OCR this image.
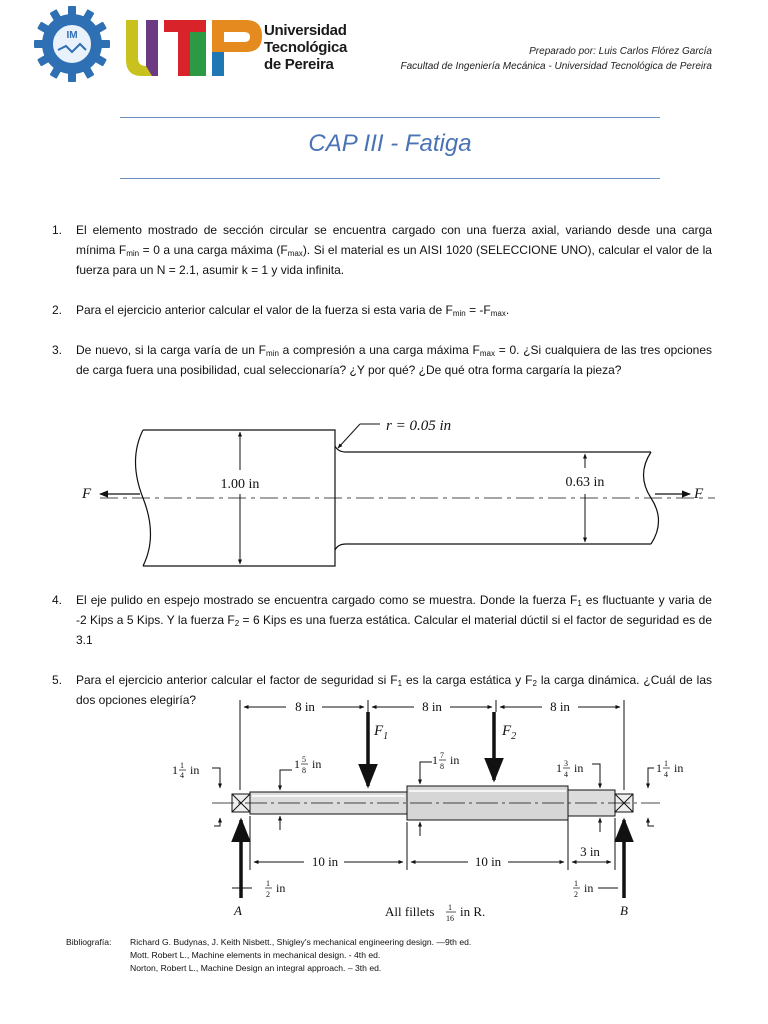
IM	Universidad
Tecnológica
de Pereira
Preparado por: Luis Carlos Flórez García
Facultad de Ingeniería Mecánica - Universidad Tecnológica de Pereira
CAP III - Fatiga
1. El elemento mostrado de sección circular se encuentra cargado con una fuerza axial, variando desde una carga mínima $F_{min} = 0$ a una carga máxima $(F_{max})$. Si el material es un AISI 1020 (SELECCIONE UNO), calcular el valor de la fuerza para un N = 2.1, asumir k = 1 y vida infinita.
2. Para el ejercicio anterior calcular el valor de la fuerza si esta varia de $F_{min} = -F_{max}$.
3. De nuevo, si la carga varía de un $F_{min}$ a compresión a una carga máxima $F_{max} = 0$. ¿Si cualquiera de las tres opciones de carga fuera una posibilidad, cual seleccionaría? ¿Y por qué? ¿De qué otra forma cargaría la pieza?
F	F
1.00 in	0.63 in
r = 0.05 in
4. El eje pulido en espejo mostrado se encuentra cargado como se muestra. Donde la fuerza $F_1$ es fluctuante y varia de -2 Kips a 5 Kips. Y la fuerza $F_2 = 6$ Kips es una fuerza estática. Calcular el material dúctil si el factor de seguridad es de 3.1
5. Para el ejercicio anterior calcular el factor de seguridad si $F_1$ es la carga estática y $F_2$ la carga dinámica. ¿Cuál de las dos opciones elegiría?	8 in	8 in	8 in
$F_1$	$F_2$
1 1
4 in	1 5
8 in	1 7
8 in
1 3
4 in	1 1
4 in
10 in	10 in
3 in
1
2 in	1
2 in
A	B
All fillets 1
16 in R.
Bibliografía: Richard G. Budynas, J. Keith Nisbett., Shigley's mechanical engineering design. —9th ed.
Mott. Robert L., Machine elements in mechanical design. - 4th ed.
Norton, Robert L., Machine Design an integral approach. – 3th ed.
